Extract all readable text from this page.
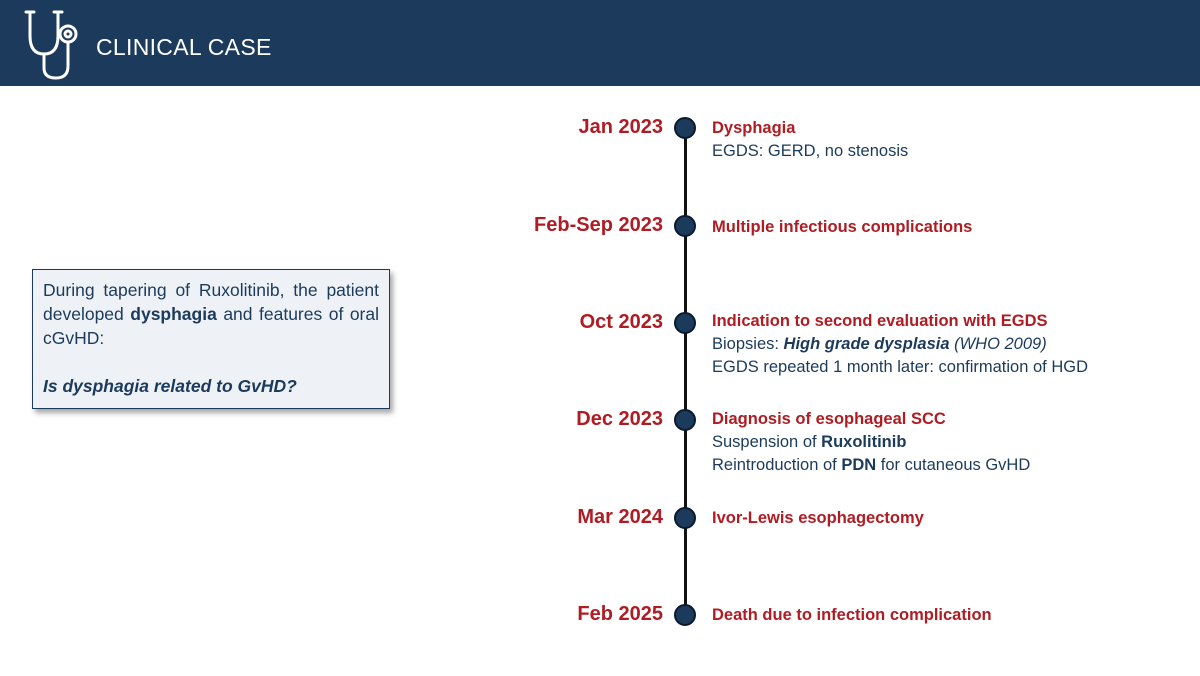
CLINICAL CASE
During tapering of Ruxolitinib, the patient developed dysphagia and features of oral cGvHD:
Is dysphagia related to GvHD?
Jan 2023	Dysphagia
EGDS: GERD, no stenosis
Feb-Sep 2023	Multiple infectious complications
Oct 2023	Indication to second evaluation with EGDS
Biopsies: High grade dysplasia (WHO 2009)
EGDS repeated 1 month later: confirmation of HGD
Dec 2023	Diagnosis of esophageal SCC
Suspension of Ruxolitinib
Reintroduction of PDN for cutaneous GvHD
Mar 2024	Ivor-Lewis esophagectomy
Feb 2025	Death due to infection complication
